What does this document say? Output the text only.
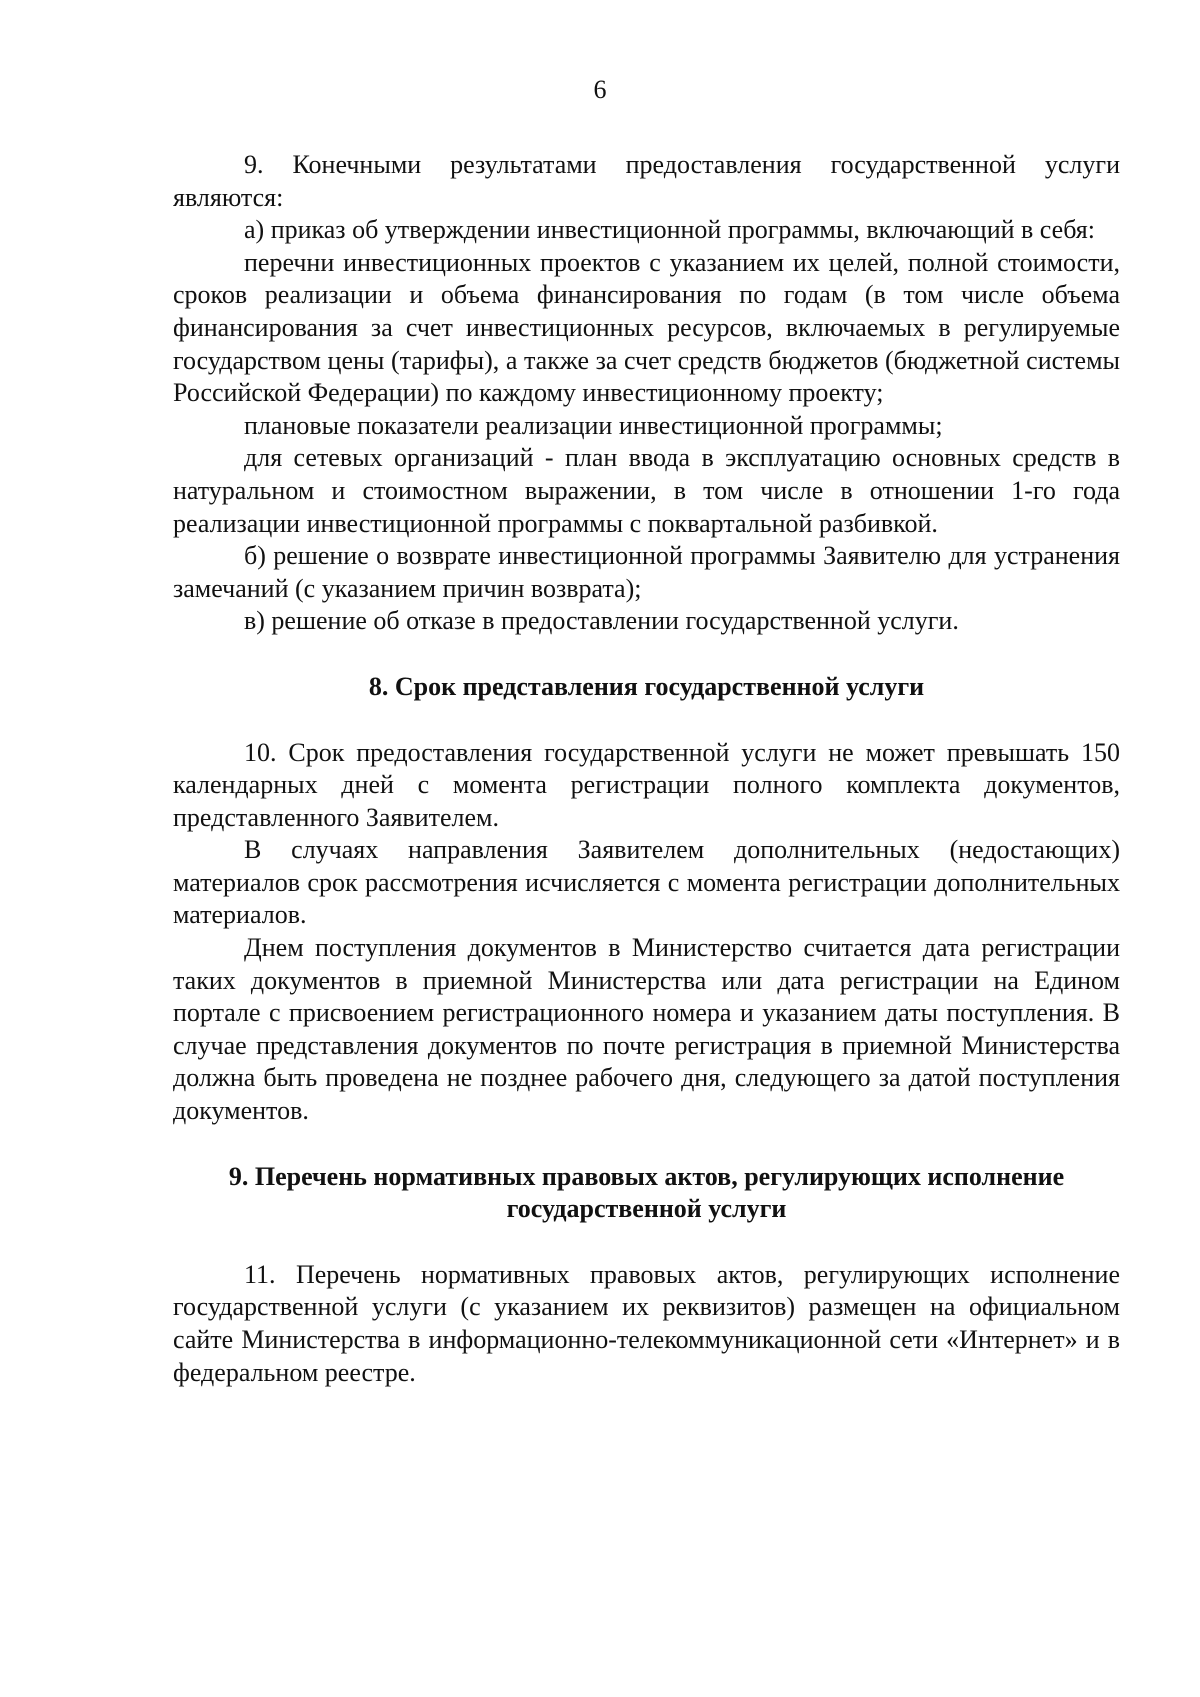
6

9. Конечными результатами предоставления государственной услуги являются:

а) приказ об утверждении инвестиционной программы, включающий в себя:

перечни инвестиционных проектов с указанием их целей, полной стоимости, сроков реализации и объема финансирования по годам (в том числе объема финансирования за счет инвестиционных ресурсов, включаемых в регулируемые государством цены (тарифы), а также за счет средств бюджетов (бюджетной системы Российской Федерации) по каждому инвестиционному проекту;

плановые показатели реализации инвестиционной программы;

для сетевых организаций - план ввода в эксплуатацию основных средств в натуральном и стоимостном выражении, в том числе в отношении 1-го года реализации инвестиционной программы с поквартальной разбивкой.

б) решение о возврате инвестиционной программы Заявителю для устранения замечаний (с указанием причин возврата);

в) решение об отказе в предоставлении государственной услуги.

8. Срок представления государственной услуги

10. Срок предоставления государственной услуги не может превышать 150 календарных дней с момента регистрации полного комплекта документов, представленного Заявителем.

В случаях направления Заявителем дополнительных (недостающих) материалов срок рассмотрения исчисляется с момента регистрации дополнительных материалов.

Днем поступления документов в Министерство считается дата регистрации таких документов в приемной Министерства или дата регистрации на Едином портале с присвоением регистрационного номера и указанием даты поступления. В случае представления документов по почте регистрация в приемной Министерства должна быть проведена не позднее рабочего дня, следующего за датой поступления документов.

9. Перечень нормативных правовых актов, регулирующих исполнение
государственной услуги

11. Перечень нормативных правовых актов, регулирующих исполнение государственной услуги (с указанием их реквизитов) размещен на официальном сайте Министерства в информационно-телекоммуникационной сети «Интернет» и в федеральном реестре.
